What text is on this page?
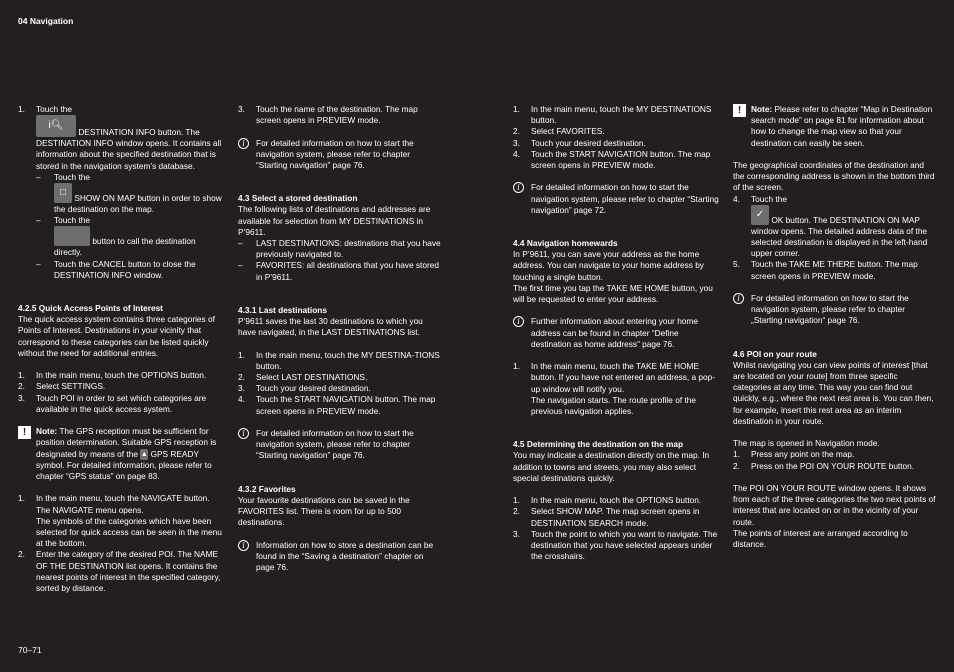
04 Navigation
1. Touch the

i🔍︎ DESTINATION INFO button. The DESTINATION INFO window opens. It contains all information about the specified destination that is stored in the navigation system’s database.

– Touch the

□ SHOW ON MAP button in order to show the destination on the map.

– Touch the

button to call the destination directly.

– Touch the CANCEL button to close the DESTINATION INFO window.

4.2.5 Quick Access Points of Interest

The quick access system contains three categories of Points of Interest. Destinations in your vicinity that correspond to these categories can be listed quickly without the need for additional entries.

1. In the main menu, touch the OPTIONS button.

2. Select SETTINGS.

3. Touch POI in order to set which categories are available in the quick access system.

!	Note: The GPS reception must be sufficient for position determination. Suitable GPS reception is designated by means of the ▲ GPS READY symbol. For detailed information, please refer to chapter “GPS status” on page 83.

1. In the main menu, touch the NAVIGATE button. The NAVIGATE menu opens.

The symbols of the categories which have been selected for quick access can be seen in the menu at the bottom.

2. Enter the category of the desired POI. The NAME OF THE DESTINATION list opens. It contains the nearest points of interest in the specified category, sorted by distance.

3. Touch the name of the destination. The map screen opens in PREVIEW mode.

i	For detailed information on how to start the navigation system, please refer to chapter “Starting navigation” page 76.

4.3 Select a stored destination

The following lists of destinations and addresses are available for selection from MY DESTINATIONS in P’9611.

– LAST DESTINATIONS: destinations that you have previously navigated to.

– FAVORITES: all destinations that you have stored in P’9611.

4.3.1 Last destinations

P’9611 saves the last 30 destinations to which you have navigated, in the LAST DESTINATIONS list.

1. In the main menu, touch the MY DESTINA-TIONS button.

2. Select LAST DESTINATIONS.

3. Touch your desired destination.

4. Touch the START NAVIGATION button. The map screen opens in PREVIEW mode.

i	For detailed information on how to start the navigation system, please refer to chapter “Starting navigation” page 76.

4.3.2 Favorites

Your favourite destinations can be saved in the FAVORITES list. There is room for up to 500 destinations.

i	Information on how to store a destination can be found in the “Saving a destination” chapter on page 76.

1. In the main menu, touch the MY DESTINATIONS button.

2. Select FAVORITES.

3. Touch your desired destination.

4. Touch the START NAVIGATION button. The map screen opens in PREVIEW mode.

i	For detailed information on how to start the navigation system, please refer to chapter “Starting navigation” page 72.

4.4 Navigation homewards

In P’9611, you can save your address as the home address. You can navigate to your home address by touching a single button.

The first time you tap the TAKE ME HOME button, you will be requested to enter your address.

i	Further information about entering your home address can be found in chapter “Define destination as home address” page 76.

1. In the main menu, touch the TAKE ME HOME button. If you have not entered an address, a pop-up window will notify you.

The navigation starts. The route profile of the previous navigation applies.

4.5 Determining the destination on the map

You may indicate a destination directly on the map. In addition to towns and streets, you may also select special destinations quickly.

1. In the main menu, touch the OPTIONS button.

2. Select SHOW MAP. The map screen opens in DESTINATION SEARCH mode.

3. Touch the point to which you want to navigate. The destination that you have selected appears under the crosshairs.

!	Note: Please refer to chapter “Map in Destination search mode” on page 81 for information about how to change the map view so that your destination can easily be seen.

The geographical coordinates of the destination and the corresponding address is shown in the bottom third of the screen.

4. Touch the

✓ OK button. The DESTINATION ON MAP window opens. The detailed address data of the selected destination is displayed in the left-hand upper corner.

5. Touch the TAKE ME THERE button. The map screen opens in PREVIEW mode.

i	For detailed information on how to start the navigation system, please refer to chapter „Starting navigation“ page 76.

4.6 POI on your route

Whilst navigating you can view points of interest [that are located on your route] from three specific categories at any time. This way you can find out quickly, e.g., where the next rest area is. You can then, for example, insert this rest area as an interim destination in your route.

The map is opened in Navigation mode.

1. Press any point on the map.

2. Press on the POI ON YOUR ROUTE button.

The POI ON YOUR ROUTE window opens. It shows from each of the three categories the two next points of interest that are located on or in the vicinity of your route.

The points of interest are arranged according to distance.

70–71
